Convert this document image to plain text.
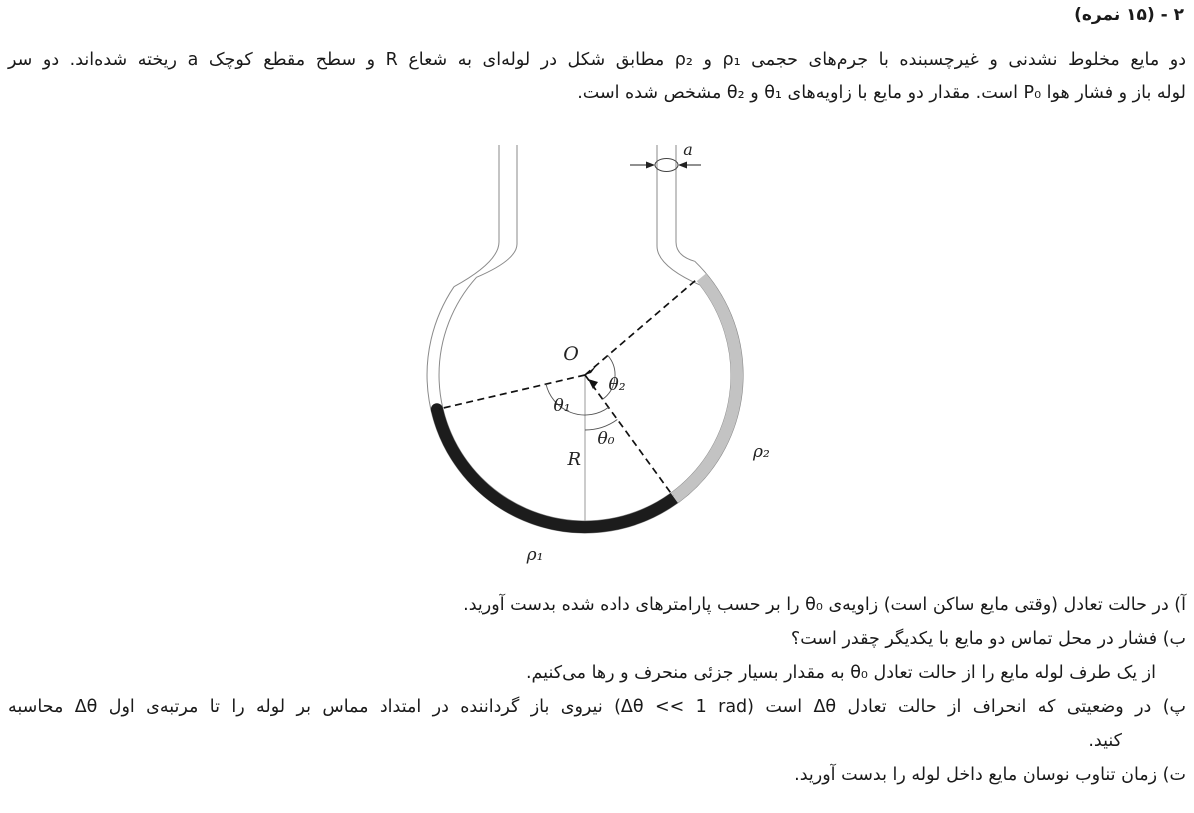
۲ - (۱۵ نمره)
دو مایع مخلوط نشدنی و غیرچسبنده با جرم‌های حجمی ρ₁ و ρ₂ مطابق شکل در لوله‌ای به شعاع R و سطح مقطع کوچک a ریخته شده‌اند. دو سر
لوله باز و فشار هوا P₀ است. مقدار دو مایع با زاویه‌های θ₁ و θ₂ مشخص شده است.
O
θ₂
θ₁
θ₀
R	ρ₂
ρ₁
a
آ) در حالت تعادل (وقتی مایع ساکن است) زاویه‌ی θ₀ را بر حسب پارامترهای داده شده بدست آورید.
ب) فشار در محل تماس دو مایع با یکدیگر چقدر است؟
از یک طرف لوله مایع را از حالت تعادل θ₀ به مقدار بسیار جزئی منحرف و رها می‌کنیم.
پ) در وضعیتی که انحراف از حالت تعادل Δθ است ⁦(Δθ << 1 rad)⁩ نیروی باز گرداننده در امتداد مماس بر لوله را تا مرتبه‌ی اول Δθ محاسبه
کنید.
ت) زمان تناوب نوسان مایع داخل لوله را بدست آورید.
